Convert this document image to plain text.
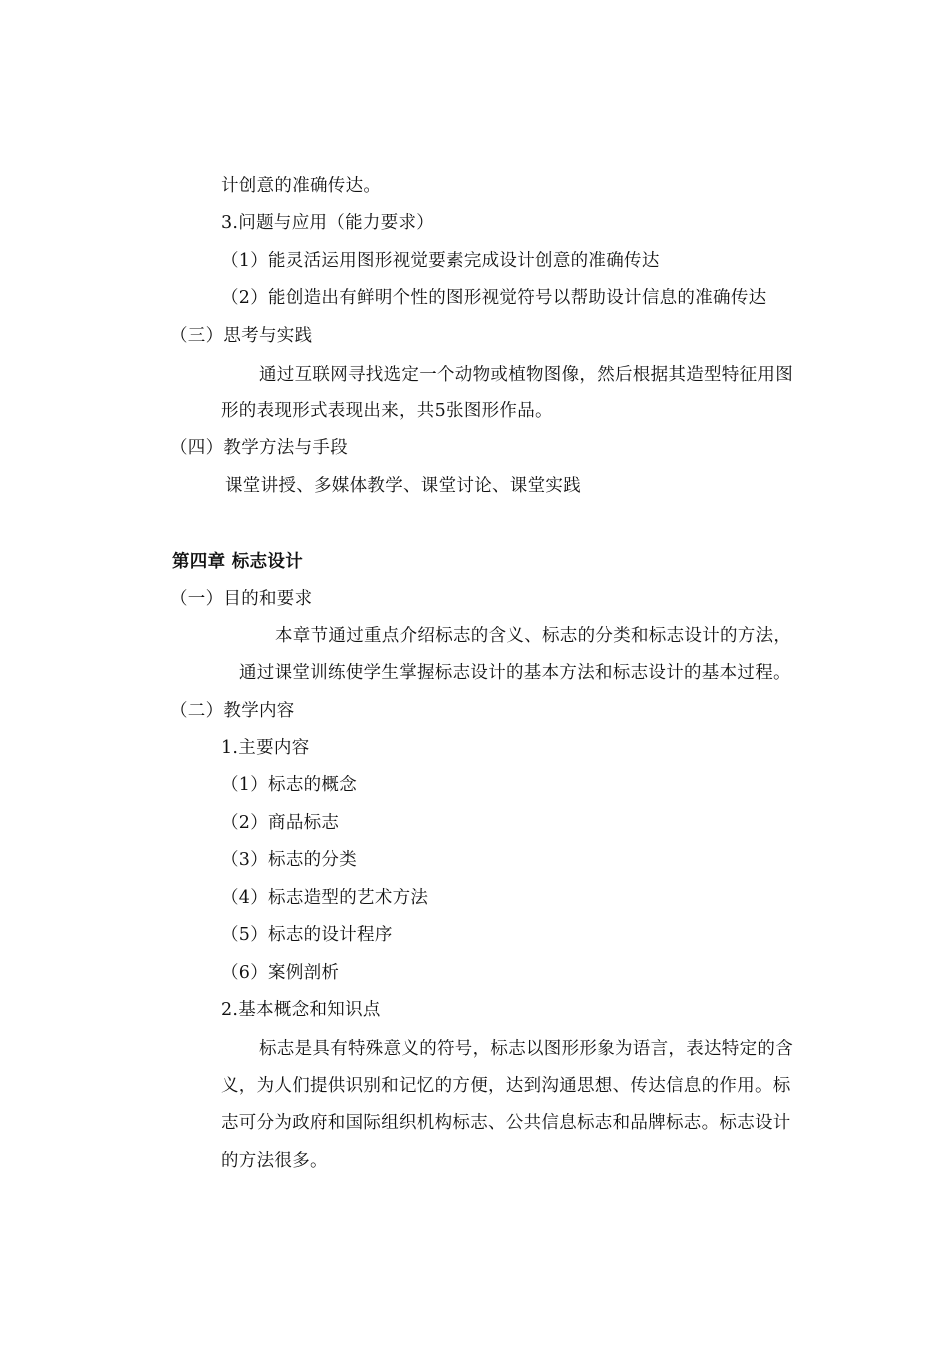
计创意的准确传达。
3.问题与应用（能力要求）
（1）能灵活运用图形视觉要素完成设计创意的准确传达
（2）能创造出有鲜明个性的图形视觉符号以帮助设计信息的准确传达
（三）思考与实践
通过互联网寻找选定一个动物或植物图像，然后根据其造型特征用图
形的表现形式表现出来，共5张图形作品。
（四）教学方法与手段
课堂讲授、多媒体教学、课堂讨论、课堂实践
第四章 标志设计
（一）目的和要求
本章节通过重点介绍标志的含义、标志的分类和标志设计的方法，
通过课堂训练使学生掌握标志设计的基本方法和标志设计的基本过程。
（二）教学内容
1.主要内容
（1）标志的概念
（2）商品标志
（3）标志的分类
（4）标志造型的艺术方法
（5）标志的设计程序
（6）案例剖析
2.基本概念和知识点
标志是具有特殊意义的符号，标志以图形形象为语言，表达特定的含
义，为人们提供识别和记忆的方便，达到沟通思想、传达信息的作用。标
志可分为政府和国际组织机构标志、公共信息标志和品牌标志。标志设计
的方法很多。
